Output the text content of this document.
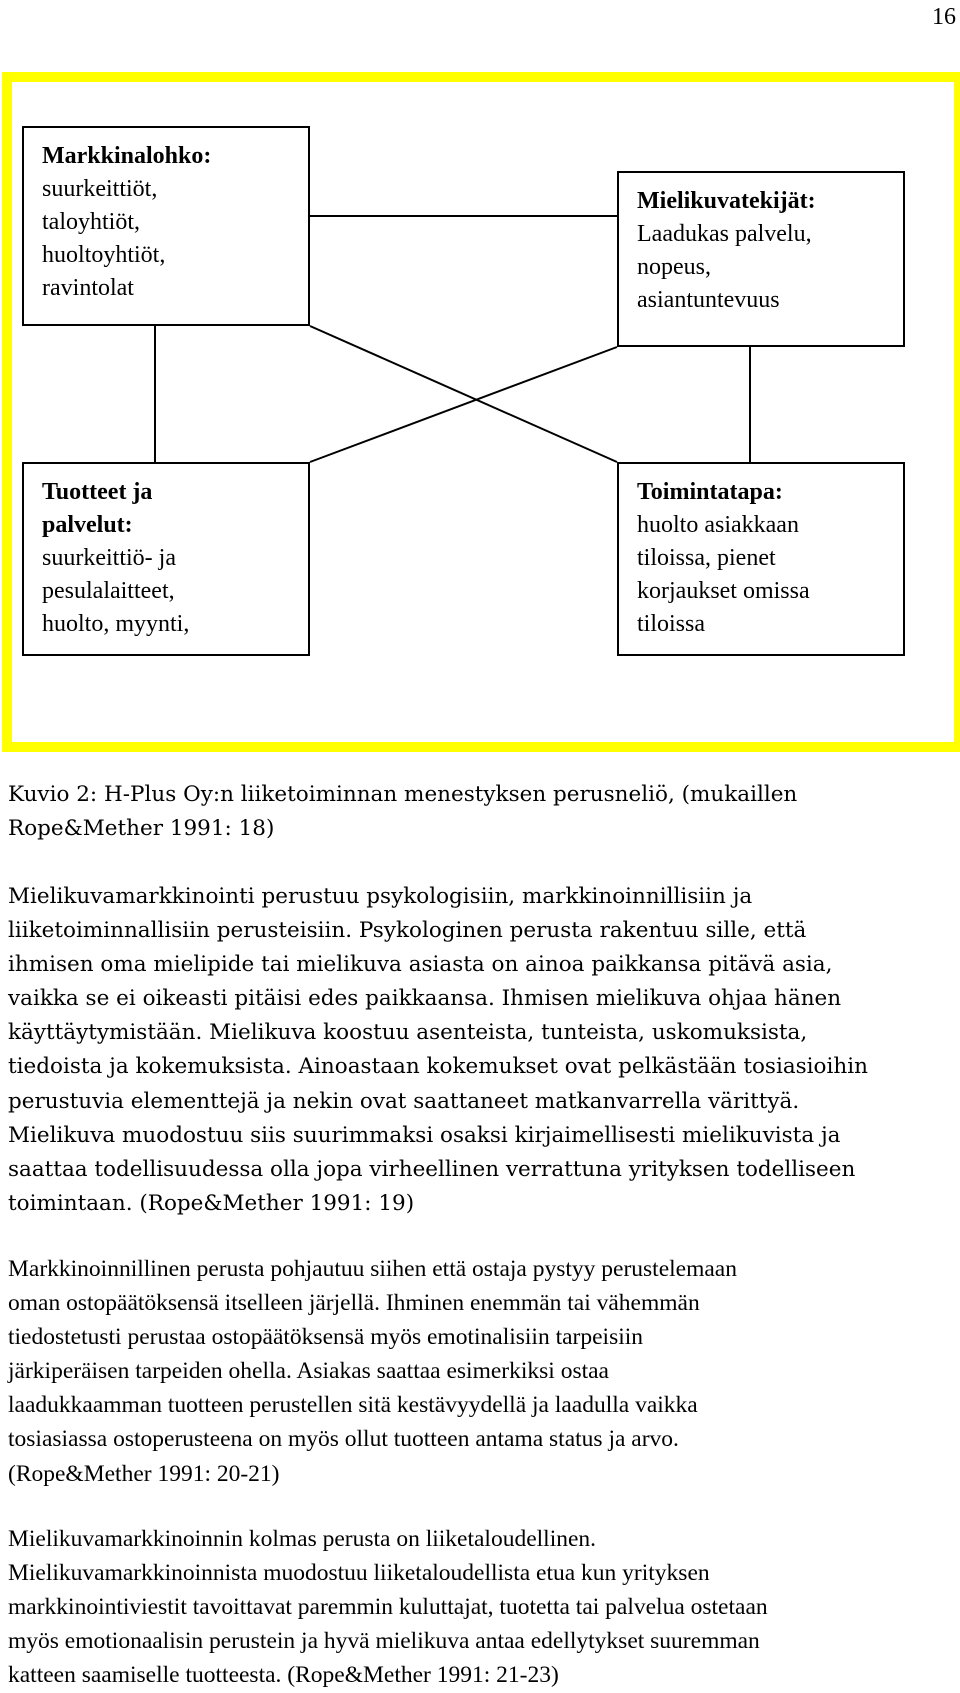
16
Markkinalohko:
suurkeittiöt,
taloyhtiöt,
huoltoyhtiöt,
ravintolat
Mielikuvatekijät:
Laadukas palvelu,
nopeus,
asiantuntevuus
Tuotteet ja
palvelut:
suurkeittiö- ja
pesulalaitteet,
huolto, myynti,
Toimintatapa:
huolto asiakkaan
tiloissa, pienet
korjaukset omissa
tiloissa
Kuvio 2: H-Plus Oy:n liiketoiminnan menestyksen perusneliö, (mukaillen
Rope&Mether 1991: 18)
Mielikuvamarkkinointi perustuu psykologisiin, markkinoinnillisiin ja
liiketoiminnallisiin perusteisiin. Psykologinen perusta rakentuu sille, että
ihmisen oma mielipide tai mielikuva asiasta on ainoa paikkansa pitävä asia,
vaikka se ei oikeasti pitäisi edes paikkaansa. Ihmisen mielikuva ohjaa hänen
käyttäytymistään. Mielikuva koostuu asenteista, tunteista, uskomuksista,
tiedoista ja kokemuksista. Ainoastaan kokemukset ovat pelkästään tosiasioihin
perustuvia elementtejä ja nekin ovat saattaneet matkanvarrella värittyä.
Mielikuva muodostuu siis suurimmaksi osaksi kirjaimellisesti mielikuvista ja
saattaa todellisuudessa olla jopa virheellinen verrattuna yrityksen todelliseen
toimintaan. (Rope&Mether 1991: 19)
Markkinoinnillinen perusta pohjautuu siihen että ostaja pystyy perustelemaan
oman ostopäätöksensä itselleen järjellä. Ihminen enemmän tai vähemmän
tiedostetusti perustaa ostopäätöksensä myös emotinalisiin tarpeisiin
järkiperäisen tarpeiden ohella. Asiakas saattaa esimerkiksi ostaa
laadukkaamman tuotteen perustellen sitä kestävyydellä ja laadulla vaikka
tosiasiassa ostoperusteena on myös ollut tuotteen antama status ja arvo.
(Rope&Mether 1991: 20-21)
Mielikuvamarkkinoinnin kolmas perusta on liiketaloudellinen.
Mielikuvamarkkinoinnista muodostuu liiketaloudellista etua kun yrityksen
markkinointiviestit tavoittavat paremmin kuluttajat, tuotetta tai palvelua ostetaan
myös emotionaalisin perustein ja hyvä mielikuva antaa edellytykset suuremman
katteen saamiselle tuotteesta. (Rope&Mether 1991: 21-23)
